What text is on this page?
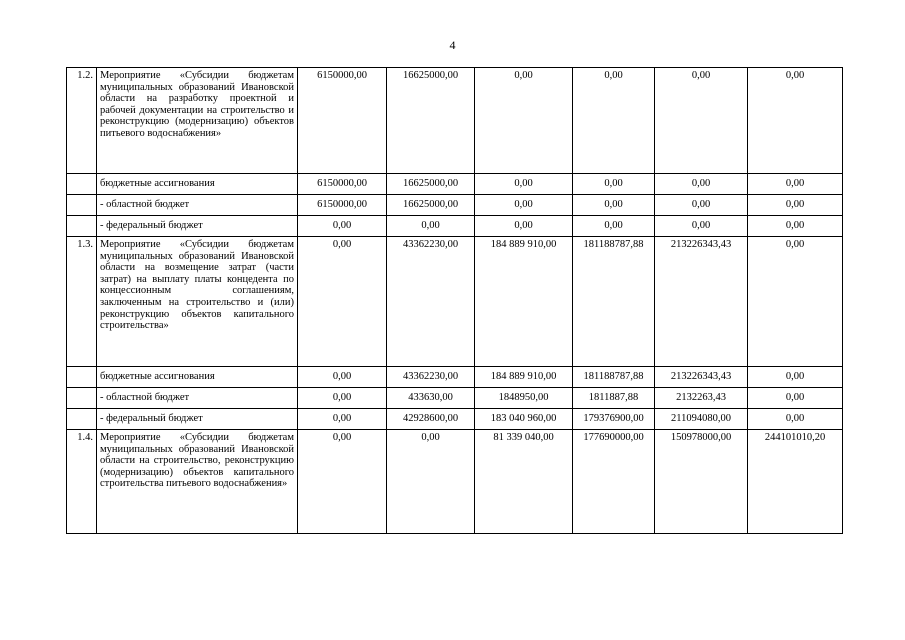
4
1.2.	Мероприятие «Субсидии бюджетам муниципальных образований Ивановской области на разработку проектной и рабочей документации на строительство и реконструкцию (модернизацию) объектов питьевого водоснабжения»	6150000,00	16625000,00	0,00	0,00	0,00	0,00
	бюджетные ассигнования	6150000,00	16625000,00	0,00	0,00	0,00	0,00
	- областной бюджет	6150000,00	16625000,00	0,00	0,00	0,00	0,00
	- федеральный бюджет	0,00	0,00	0,00	0,00	0,00	0,00
1.3.	Мероприятие «Субсидии бюджетам муниципальных образований Ивановской области на возмещение затрат (части затрат) на выплату платы концедента по концессионным соглашениям, заключенным на строительство и (или) реконструкцию объектов капитального строительства»	0,00	43362230,00	184 889 910,00	181188787,88	213226343,43	0,00
	бюджетные ассигнования	0,00	43362230,00	184 889 910,00	181188787,88	213226343,43	0,00
	- областной бюджет	0,00	433630,00	1848950,00	1811887,88	2132263,43	0,00
	- федеральный бюджет	0,00	42928600,00	183 040 960,00	179376900,00	211094080,00	0,00
1.4.	Мероприятие «Субсидии бюджетам муниципальных образований Ивановской области на строительство, реконструкцию (модернизацию) объектов капитального строительства питьевого водоснабжения»	0,00	0,00	81 339 040,00	177690000,00	150978000,00	244101010,20
